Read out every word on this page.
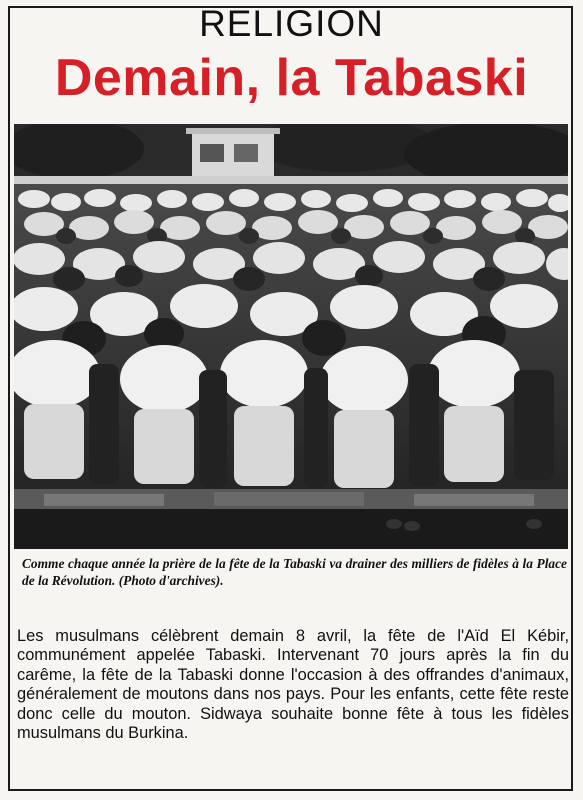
RELIGION
Demain, la Tabaski
Comme chaque année la prière de la fête de la Tabaski va drainer des milliers de fidèles à la Place de la Révolution. (Photo d'archives).
Les musulmans célèbrent demain 8 avril, la fête de l'Aïd El Kébir, communément appelée Tabaski. Intervenant 70 jours après la fin du carême, la fête de la Tabaski donne l'occasion à des offrandes d'animaux, généralement de moutons dans nos pays. Pour les enfants, cette fête reste donc celle du mouton. Sidwaya souhaite bonne fête à tous les fidèles musulmans du Burkina.
